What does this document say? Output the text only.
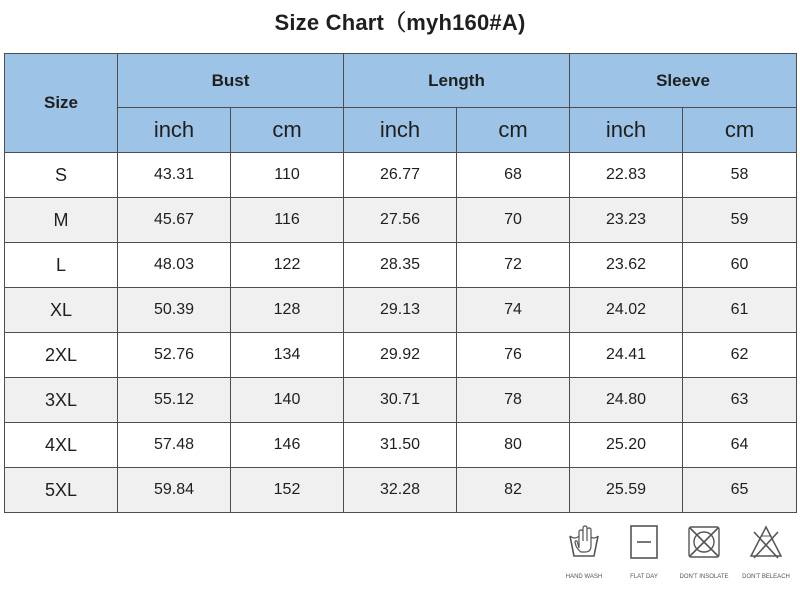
Size Chart（myh160#A)
Size	Bust		Length		Sleeve	
	inch	cm	inch	cm	inch	cm
S	43.31	110	26.77	68	22.83	58
M	45.67	116	27.56	70	23.23	59
L	48.03	122	28.35	72	23.62	60
XL	50.39	128	29.13	74	24.02	61
2XL	52.76	134	29.92	76	24.41	62
3XL	55.12	140	30.71	78	24.80	63
4XL	57.48	146	31.50	80	25.20	64
5XL	59.84	152	32.28	82	25.59	65
HAND WASH	FLAT DAY	DON'T INSOLATE	DON'T BELEACH
